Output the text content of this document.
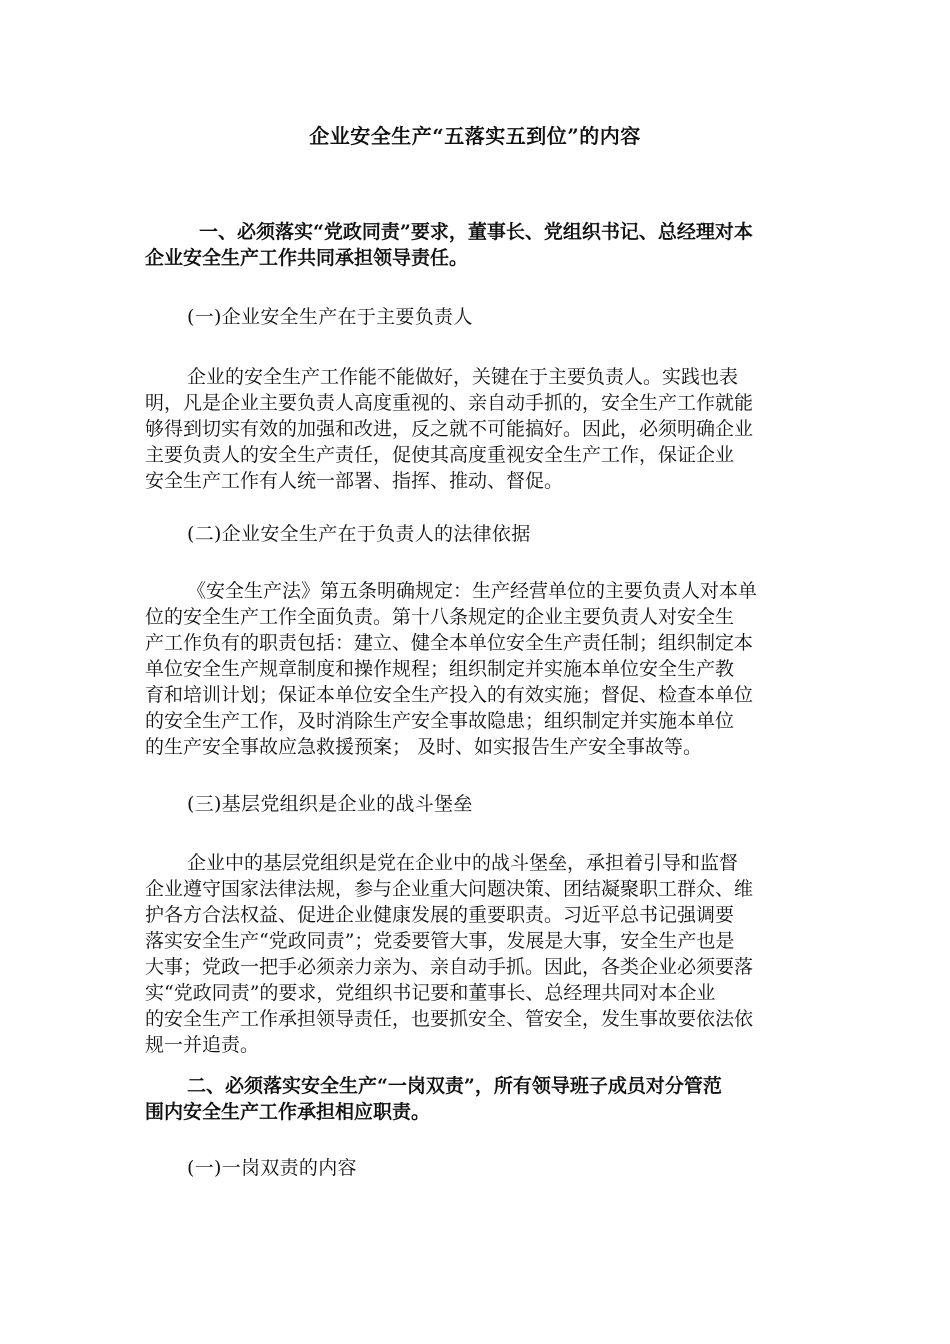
企业安全生产“五落实五到位”的内容
一、必须落实“党政同责”要求，董事长、党组织书记、总经理对本
企业安全生产工作共同承担领导责任。
(一)企业安全生产在于主要负责人
企业的安全生产工作能不能做好，关键在于主要负责人。实践也表
明，凡是企业主要负责人高度重视的、亲自动手抓的，安全生产工作就能
够得到切实有效的加强和改进，反之就不可能搞好。因此，必须明确企业
主要负责人的安全生产责任，促使其高度重视安全生产工作，保证企业
安全生产工作有人统一部署、指挥、推动、督促。
(二)企业安全生产在于负责人的法律依据
《安全生产法》第五条明确规定：生产经营单位的主要负责人对本单
位的安全生产工作全面负责。第十八条规定的企业主要负责人对安全生
产工作负有的职责包括：建立、健全本单位安全生产责任制；组织制定本
单位安全生产规章制度和操作规程；组织制定并实施本单位安全生产教
育和培训计划；保证本单位安全生产投入的有效实施；督促、检查本单位
的安全生产工作，及时消除生产安全事故隐患；组织制定并实施本单位
的生产安全事故应急救援预案； 及时、如实报告生产安全事故等。
(三)基层党组织是企业的战斗堡垒
企业中的基层党组织是党在企业中的战斗堡垒，承担着引导和监督
企业遵守国家法律法规，参与企业重大问题决策、团结凝聚职工群众、维
护各方合法权益、促进企业健康发展的重要职责。习近平总书记强调要
落实安全生产“党政同责”；党委要管大事，发展是大事，安全生产也是
大事；党政一把手必须亲力亲为、亲自动手抓。因此，各类企业必须要落
实“党政同责”的要求，党组织书记要和董事长、总经理共同对本企业
的安全生产工作承担领导责任，也要抓安全、管安全，发生事故要依法依
规一并追责。
二、必须落实安全生产“一岗双责”，所有领导班子成员对分管范
围内安全生产工作承担相应职责。
(一)一岗双责的内容
